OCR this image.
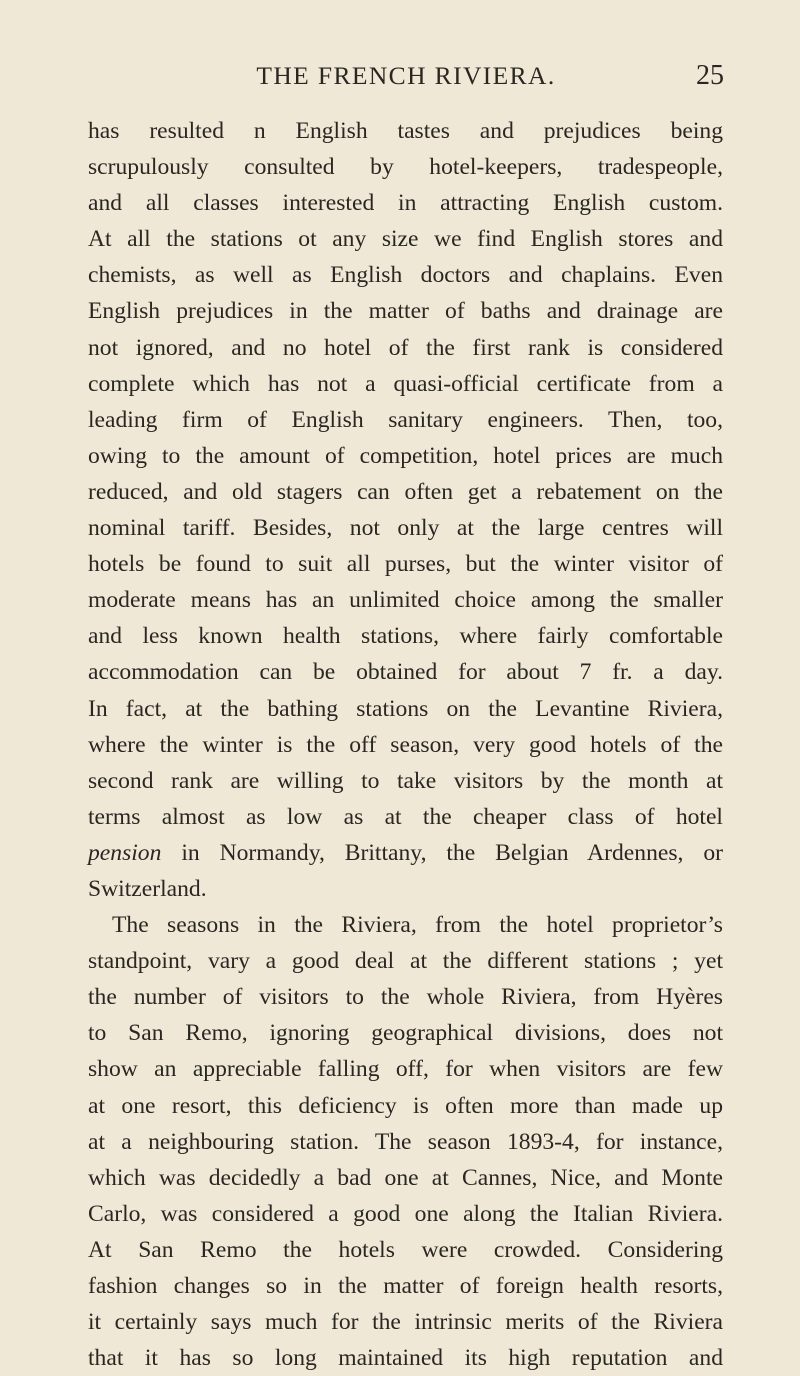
THE FRENCH RIVIERA.	25
has resulted n English tastes and prejudices being
scrupulously consulted by hotel-keepers, tradespeople,
and all classes interested in attracting English custom.
At all the stations ot any size we find English stores and
chemists, as well as English doctors and chaplains. Even
English prejudices in the matter of baths and drainage are
not ignored, and no hotel of the first rank is considered
complete which has not a quasi-official certificate from a
leading firm of English sanitary engineers. Then, too,
owing to the amount of competition, hotel prices are much
reduced, and old stagers can often get a rebatement on the
nominal tariff. Besides, not only at the large centres will
hotels be found to suit all purses, but the winter visitor of
moderate means has an unlimited choice among the smaller
and less known health stations, where fairly comfortable
accommodation can be obtained for about 7 fr. a day.
In fact, at the bathing stations on the Levantine Riviera,
where the winter is the off season, very good hotels of the
second rank are willing to take visitors by the month at
terms almost as low as at the cheaper class of hotel
pension in Normandy, Brittany, the Belgian Ardennes, or
Switzerland.
The seasons in the Riviera, from the hotel proprietor’s
standpoint, vary a good deal at the different stations ; yet
the number of visitors to the whole Riviera, from Hyères
to San Remo, ignoring geographical divisions, does not
show an appreciable falling off, for when visitors are few
at one resort, this deficiency is often more than made up
at a neighbouring station. The season 1893-4, for instance,
which was decidedly a bad one at Cannes, Nice, and Monte
Carlo, was considered a good one along the Italian Riviera.
At San Remo the hotels were crowded. Considering
fashion changes so in the matter of foreign health resorts,
it certainly says much for the intrinsic merits of the Riviera
that it has so long maintained its high reputation and
